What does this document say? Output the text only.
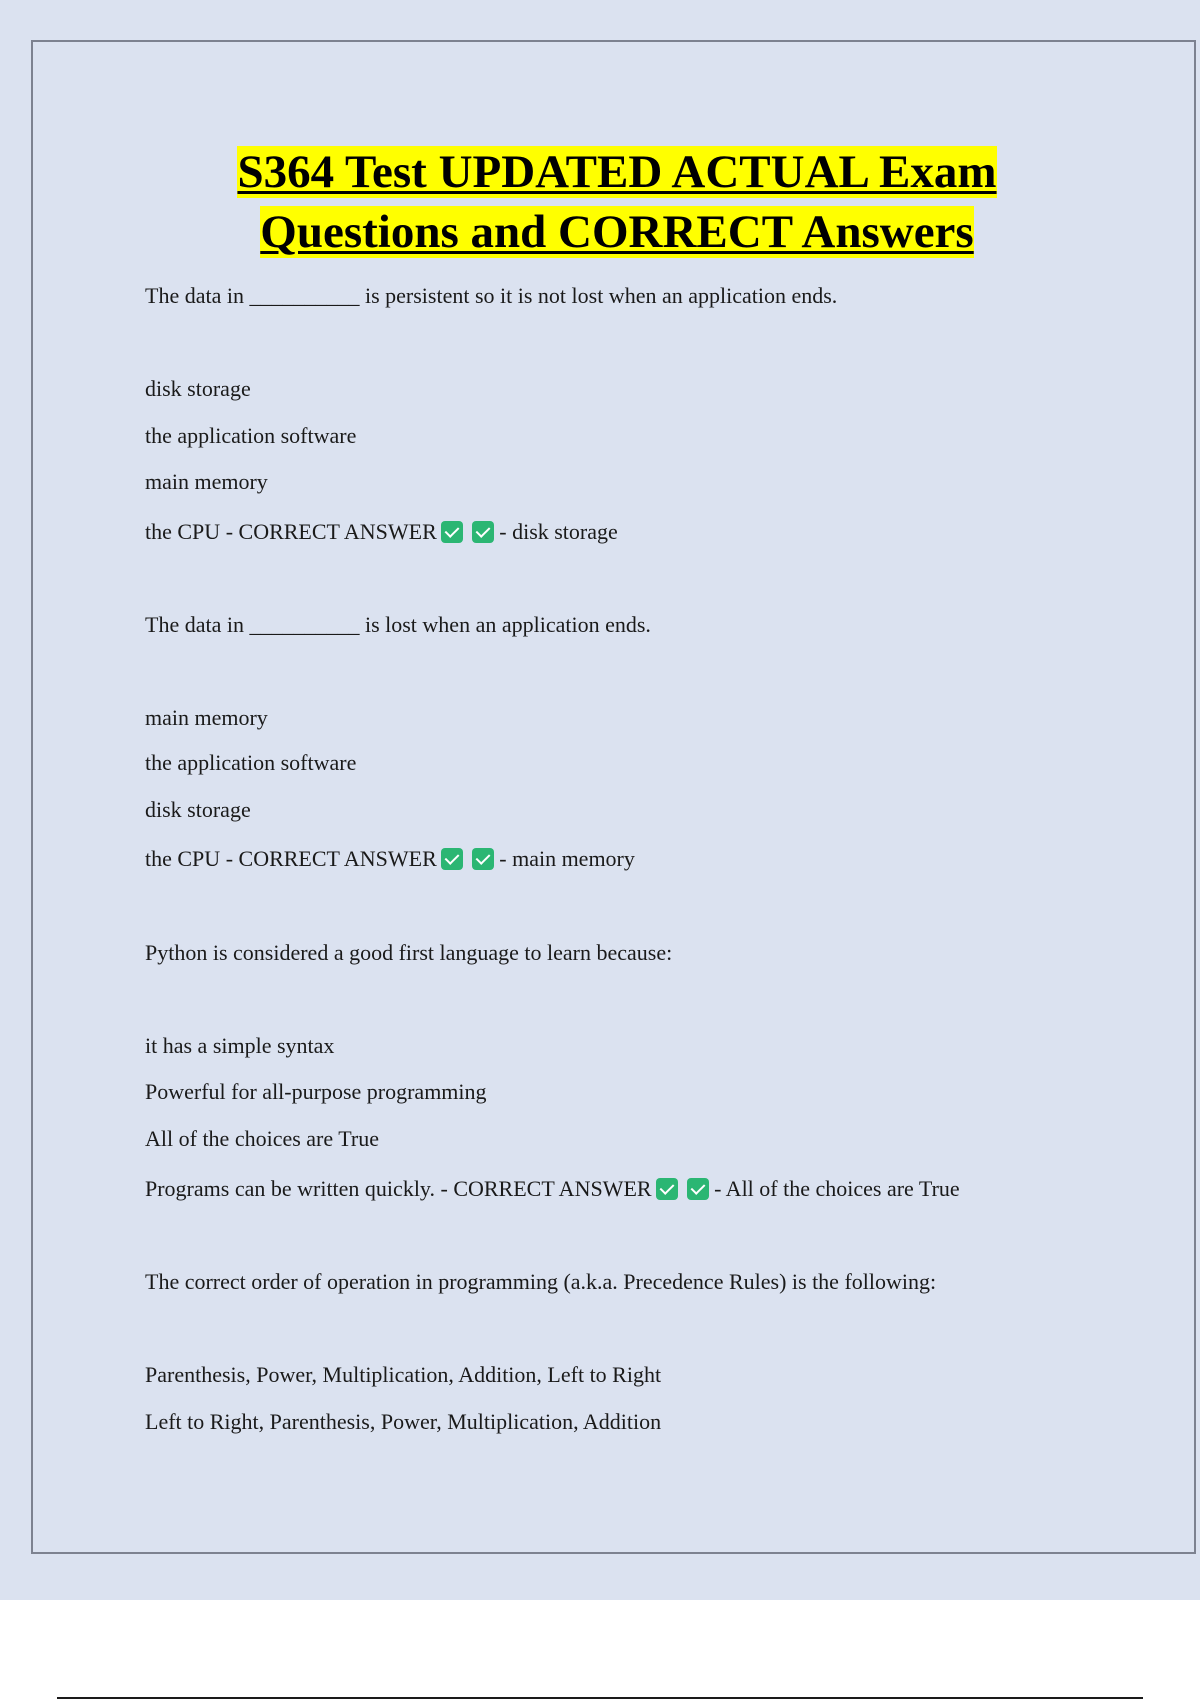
S364 Test UPDATED ACTUAL Exam
Questions and CORRECT Answers
The data in __________ is persistent so it is not lost when an application ends.
disk storage
the application software
main memory
the CPU - CORRECT ANSWER	- disk storage
The data in __________ is lost when an application ends.
main memory
the application software
disk storage
the CPU - CORRECT ANSWER	- main memory
Python is considered a good first language to learn because:
it has a simple syntax
Powerful for all-purpose programming
All of the choices are True
Programs can be written quickly. - CORRECT ANSWER	- All of the choices are True
The correct order of operation in programming (a.k.a. Precedence Rules) is the following:
Parenthesis, Power, Multiplication, Addition, Left to Right
Left to Right, Parenthesis, Power, Multiplication, Addition
